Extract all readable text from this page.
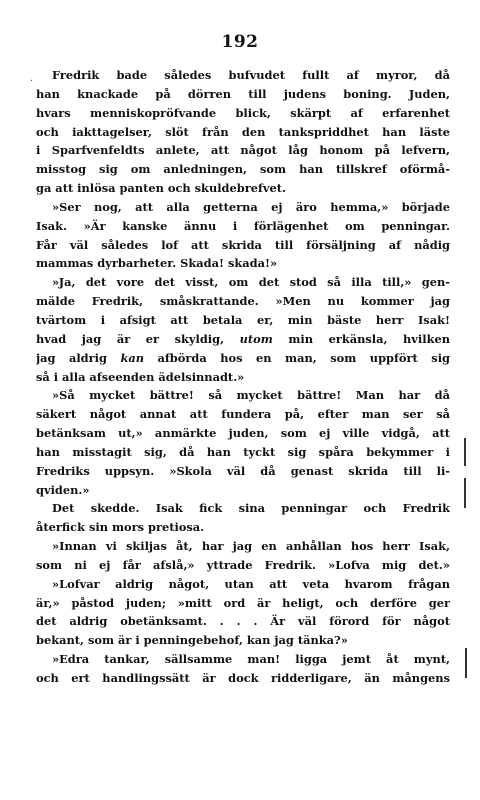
192
·	Fredrik bade således bufvudet fullt af myror, då
han knackade på dörren till judens boning. Juden,
hvars menniskopröfvande blick, skärpt af erfarenhet
och iakttagelser, slöt från den tankspriddhet han läste
i Sparfvenfeldts anlete, att något låg honom på lefvern,
misstog sig om anledningen, som han tillskref oförmå-
ga att inlösa panten och skuldebrefvet.
»Ser nog, att alla getterna ej äro hemma,» började
Isak. »Är kanske ännu i förlägenhet om penningar.
Får väl således lof att skrida till försäljning af nådig
mammas dyrbarheter. Skada! skada!»
»Ja, det vore det visst, om det stod så illa till,» gen-
mälde Fredrik, småskrattande. »Men nu kommer jag
tvärtom i afsigt att betala er, min bäste herr Isak!
hvad jag är er skyldig, utom min erkänsla, hvilken
jag aldrig kan afbörda hos en man, som uppfört sig
så i alla afseenden ädelsinnadt.»
»Så mycket bättre! så mycket bättre! Man har då
säkert något annat att fundera på, efter man ser så
betänksam ut,» anmärkte juden, som ej ville vidgå, att
han misstagit sig, då han tyckt sig spåra bekymmer i
Fredriks uppsyn. »Skola väl då genast skrida till li-
qviden.»
Det skedde. Isak fick sina penningar och Fredrik
återfick sin mors pretiosa.
»Innan vi skiljas åt, har jag en anhållan hos herr Isak,
som ni ej får afslå,» yttrade Fredrik. »Lofva mig det.»
»Lofvar aldrig något, utan att veta hvarom frågan
är,» påstod juden; »mitt ord är heligt, och derföre ger
det aldrig obetänksamt. . . . Är väl förord för något
bekant, som är i penningebehof, kan jag tänka?»
»Edra tankar, sällsamme man! ligga jemt åt mynt,
och ert handlingssätt är dock ridderligare, än mångens
